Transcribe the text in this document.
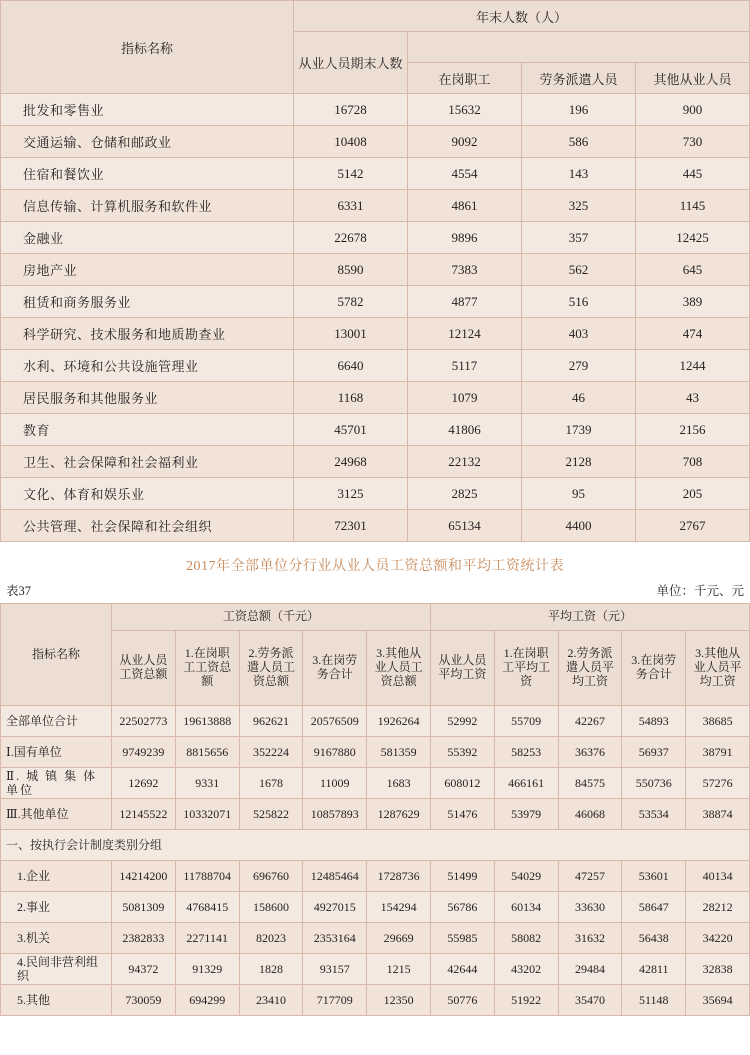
指标名称	年末人数（人）			
	从业人员期末人数			
		在岗职工	劳务派遣人员	其他从业人员
批发和零售业	16728	15632	196	900
交通运输、仓储和邮政业	10408	9092	586	730
住宿和餐饮业	5142	4554	143	445
信息传输、计算机服务和软件业	6331	4861	325	1145
金融业	22678	9896	357	12425
房地产业	8590	7383	562	645
租赁和商务服务业	5782	4877	516	389
科学研究、技术服务和地质勘查业	13001	12124	403	474
水利、环境和公共设施管理业	6640	5117	279	1244
居民服务和其他服务业	1168	1079	46	43
教育	45701	41806	1739	2156
卫生、社会保障和社会福利业	24968	22132	2128	708
文化、体育和娱乐业	3125	2825	95	205
公共管理、社会保障和社会组织	72301	65134	4400	2767
2017年全部单位分行业从业人员工资总额和平均工资统计表
表37	单位：千元、元
指标名称	工资总额（千元）					平均工资（元）				
	从业人员工资总额	1.在岗职工工资总额	2.劳务派遣人员工资总额	3.在岗劳务合计	3.其他从业人员工资总额	从业人员平均工资	1.在岗职工平均工资	2.劳务派遣人员平均工资	3.在岗劳务合计	3.其他从业人员平均工资
全部单位合计	22502773	19613888	962621	20576509	1926264	52992	55709	42267	54893	38685
Ⅰ.国有单位	9749239	8815656	352224	9167880	581359	55392	58253	36376	56937	38791
Ⅱ. 城 镇 集 体单位	12692	9331	1678	11009	1683	608012	466161	84575	550736	57276
Ⅲ.其他单位	12145522	10332071	525822	10857893	1287629	51476	53979	46068	53534	38874
一、按执行会计制度类别分组										
1.企业	14214200	11788704	696760	12485464	1728736	51499	54029	47257	53601	40134
2.事业	5081309	4768415	158600	4927015	154294	56786	60134	33630	58647	28212
3.机关	2382833	2271141	82023	2353164	29669	55985	58082	31632	56438	34220
4.民间非营利组织	94372	91329	1828	93157	1215	42644	43202	29484	42811	32838
5.其他	730059	694299	23410	717709	12350	50776	51922	35470	51148	35694
